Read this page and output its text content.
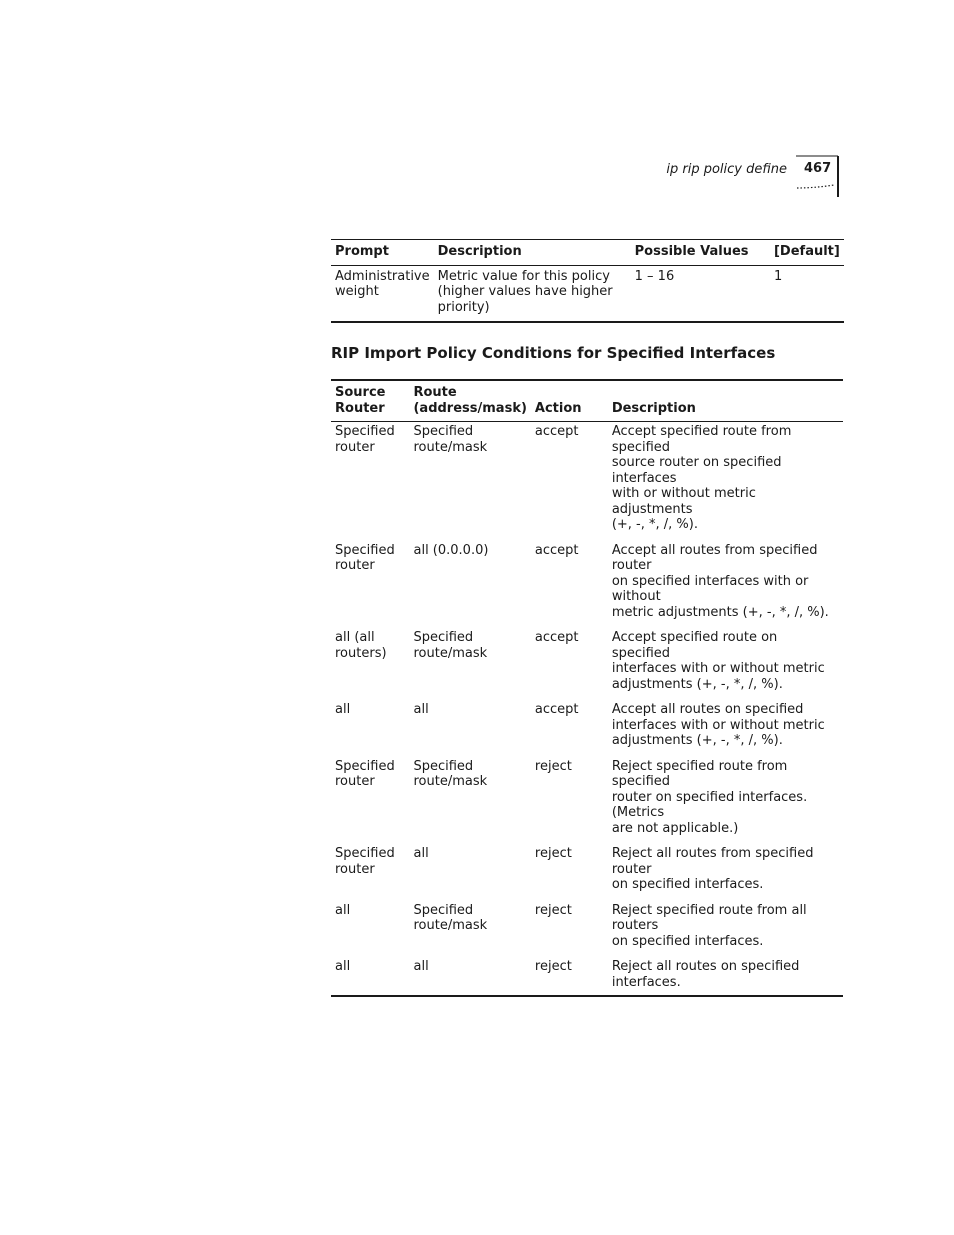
ip rip policy define 467
Prompt	Description	Possible Values	[Default]

Administrative
weight	Metric value for this policy
(higher values have higher
priority)	1 – 16	1
RIP Import Policy Conditions for Specified Interfaces
Source
Router	Route
(address/mask)	Action	Description

Specified
router	Specified
route/mask	accept	Accept specified route from specified
source router on specified interfaces
with or without metric adjustments
(+, -, *, /, %).

Specified
router	all (0.0.0.0)	accept	Accept all routes from specified router
on specified interfaces with or without
metric adjustments (+, -, *, /, %).

all (all
routers)	Specified
route/mask	accept	Accept specified route on specified
interfaces with or without metric
adjustments (+, -, *, /, %).

all	all	accept	Accept all routes on specified
interfaces with or without metric
adjustments (+, -, *, /, %).

Specified
router	Specified
route/mask	reject	Reject specified route from specified
router on specified interfaces. (Metrics
are not applicable.)

Specified
router	all	reject	Reject all routes from specified router
on specified interfaces.

all	Specified
route/mask	reject	Reject specified route from all routers
on specified interfaces.

all	all	reject	Reject all routes on specified
interfaces.
